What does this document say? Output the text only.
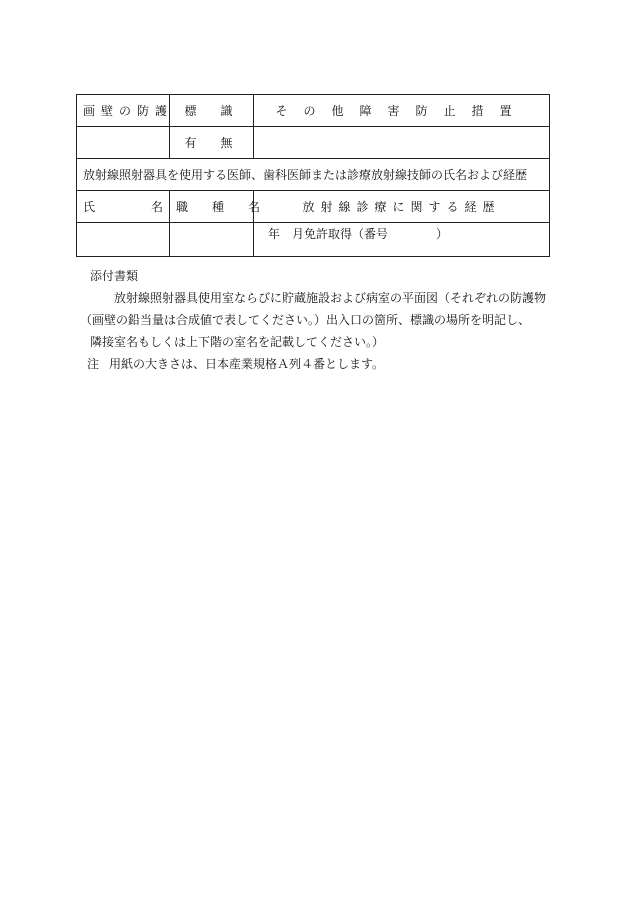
画壁の防護	標　識	その他障害防止措置
	有　無	
放射線照射器具を使用する医師、歯科医師または診療放射線技師の氏名および経歴		

氏 名	職　種　名	放射線診療に関する経歴
		年　月免許取得（番号　　　　）
添付書類
放射線照射器具使用室ならびに貯蔵施設および病室の平面図（それぞれの防護物
（画壁の鉛当量は合成値で表してください。）出入口の箇所、標識の場所を明記し、
隣接室名もしくは上下階の室名を記載してください。）
注 用紙の大きさは、日本産業規格Ａ列４番とします。
